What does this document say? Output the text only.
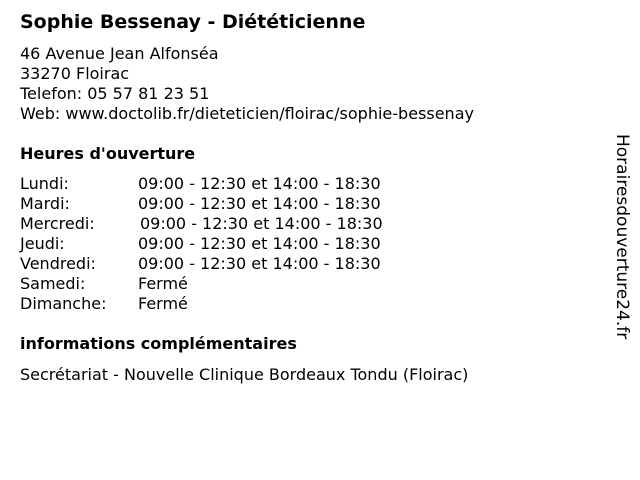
Sophie Bessenay - Diététicienne
46 Avenue Jean Alfonséa
33270 Floirac
Telefon: 05 57 81 23 51
Web: www.doctolib.fr/dieteticien/floirac/sophie-bessenay
Heures d'ouverture
Lundi:	09:00 - 12:30 et 14:00 - 18:30
Mardi:	09:00 - 12:30 et 14:00 - 18:30
Mercredi:	09:00 - 12:30 et 14:00 - 18:30
Jeudi:	09:00 - 12:30 et 14:00 - 18:30
Vendredi:	09:00 - 12:30 et 14:00 - 18:30
Samedi:	Fermé
Dimanche: Fermé
informations complémentaires
Secrétariat - Nouvelle Clinique Bordeaux Tondu (Floirac)
Horairesdouverture24.fr
